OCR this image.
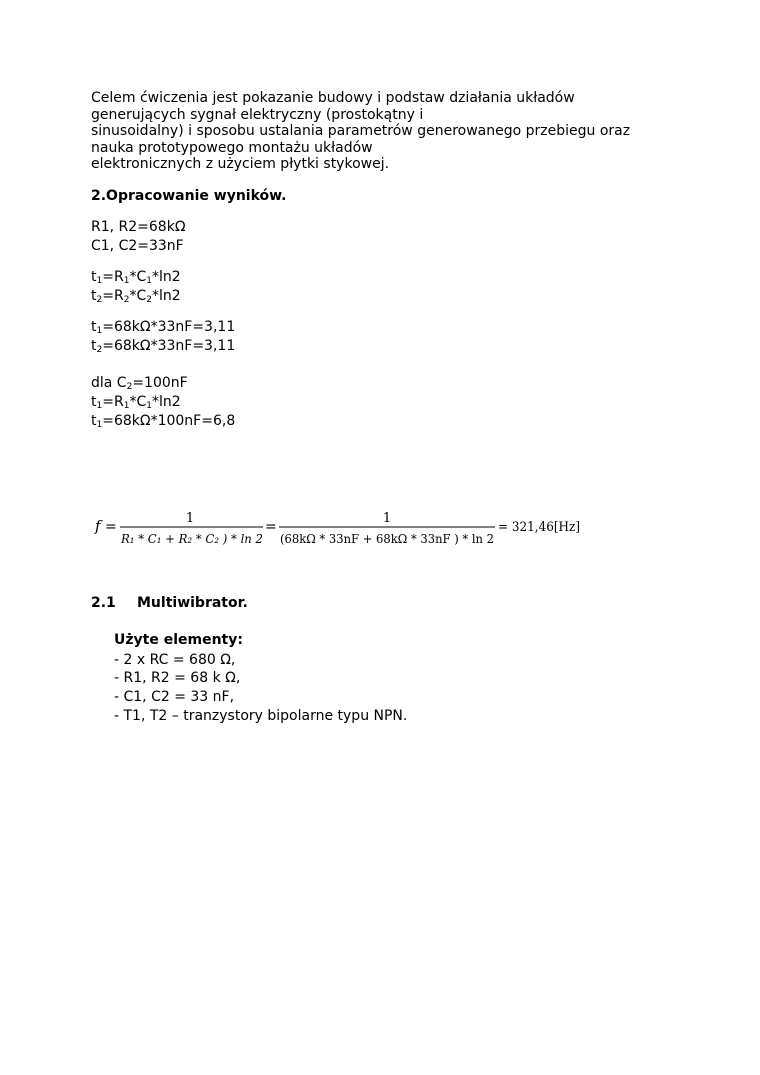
Celem ćwiczenia jest pokazanie budowy i podstaw działania układów
generujących sygnał elektryczny (prostokątny i
sinusoidalny) i sposobu ustalania parametrów generowanego przebiegu oraz
nauka prototypowego montażu układów
elektronicznych z użyciem płytki stykowej.
2.Opracowanie wyników.
R1, R2=68kΩ
C1, C2=33nF
$t_1=R_1*C_1*\ln 2$
$t_2=R_2*C_2*\ln 2$
$t_1=68k\Omega*33nF=3,11$
$t_2=68k\Omega*33nF=3,11$
dla $C_2=100nF$
$t_1=R_1*C_1*\ln 2$
$t_1=68k\Omega*100nF=6,8$
f =
1
R₁ * C₁ + R₂ * C₂ ) * ln 2
=
1
(68kΩ * 33nF + 68kΩ * 33nF ) * ln 2
= 321,46[Hz]
2.1 Multiwibrator.
Użyte elementy:
- 2 x RC = 680 Ω,
- R1, R2 = 68 k Ω,
- C1, C2 = 33 nF,
- T1, T2 – tranzystory bipolarne typu NPN.
